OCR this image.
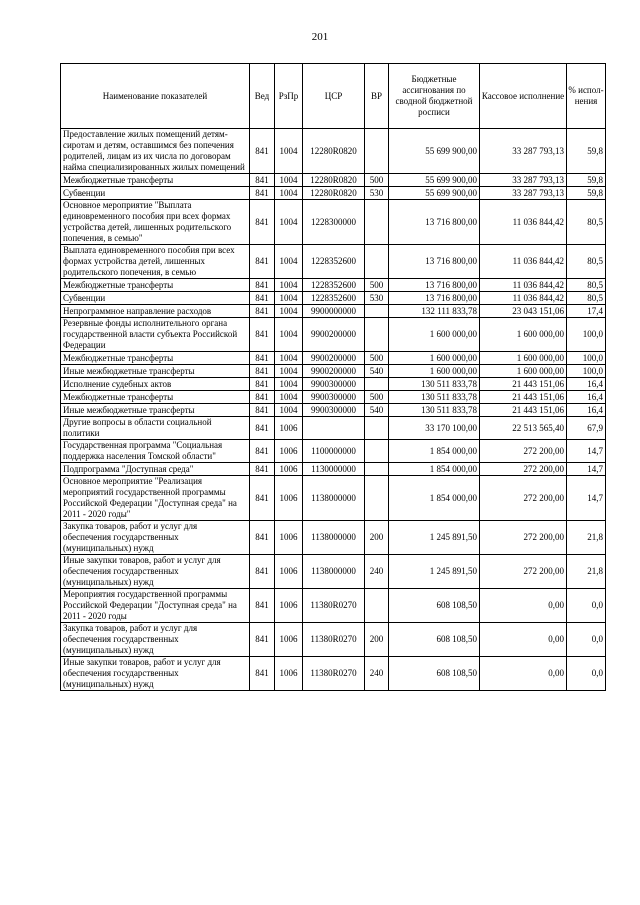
201
Наименование показателей	Вед	РзПр	ЦСР	ВР	Бюджетные ассигнования по сводной бюджетной росписи	Кассовое исполнение	% испол-нения
Предоставление жилых помещений детям-сиротам и детям, оставшимся без попечения родителей, лицам из их числа по договорам найма специализированных жилых помещений	841	1004	12280R0820		55 699 900,00	33 287 793,13	59,8
Межбюджетные трансферты	841	1004	12280R0820	500	55 699 900,00	33 287 793,13	59,8
Субвенции	841	1004	12280R0820	530	55 699 900,00	33 287 793,13	59,8
Основное мероприятие "Выплата единовременного пособия при всех формах устройства детей, лишенных родительского попечения, в семью"	841	1004	1228300000		13 716 800,00	11 036 844,42	80,5
Выплата единовременного пособия при всех формах устройства детей, лишенных родительского попечения, в семью	841	1004	1228352600		13 716 800,00	11 036 844,42	80,5
Межбюджетные трансферты	841	1004	1228352600	500	13 716 800,00	11 036 844,42	80,5
Субвенции	841	1004	1228352600	530	13 716 800,00	11 036 844,42	80,5
Непрограммное направление расходов	841	1004	9900000000		132 111 833,78	23 043 151,06	17,4
Резервные фонды исполнительного органа государственной власти субъекта Российской Федерации	841	1004	9900200000		1 600 000,00	1 600 000,00	100,0
Межбюджетные трансферты	841	1004	9900200000	500	1 600 000,00	1 600 000,00	100,0
Иные межбюджетные трансферты	841	1004	9900200000	540	1 600 000,00	1 600 000,00	100,0
Исполнение судебных актов	841	1004	9900300000		130 511 833,78	21 443 151,06	16,4
Межбюджетные трансферты	841	1004	9900300000	500	130 511 833,78	21 443 151,06	16,4
Иные межбюджетные трансферты	841	1004	9900300000	540	130 511 833,78	21 443 151,06	16,4
Другие вопросы в области социальной политики	841	1006			33 170 100,00	22 513 565,40	67,9
Государственная программа "Социальная поддержка населения Томской области"	841	1006	1100000000		1 854 000,00	272 200,00	14,7
Подпрограмма "Доступная среда"	841	1006	1130000000		1 854 000,00	272 200,00	14,7
Основное мероприятие "Реализация мероприятий государственной программы Российской Федерации "Доступная среда" на 2011 - 2020 годы"	841	1006	1138000000		1 854 000,00	272 200,00	14,7
Закупка товаров, работ и услуг для обеспечения государственных (муниципальных) нужд	841	1006	1138000000	200	1 245 891,50	272 200,00	21,8
Иные закупки товаров, работ и услуг для обеспечения государственных (муниципальных) нужд	841	1006	1138000000	240	1 245 891,50	272 200,00	21,8
Мероприятия государственной программы Российской Федерации "Доступная среда" на 2011 - 2020 годы	841	1006	11380R0270		608 108,50	0,00	0,0
Закупка товаров, работ и услуг для обеспечения государственных (муниципальных) нужд	841	1006	11380R0270	200	608 108,50	0,00	0,0
Иные закупки товаров, работ и услуг для обеспечения государственных (муниципальных) нужд	841	1006	11380R0270	240	608 108,50	0,00	0,0
